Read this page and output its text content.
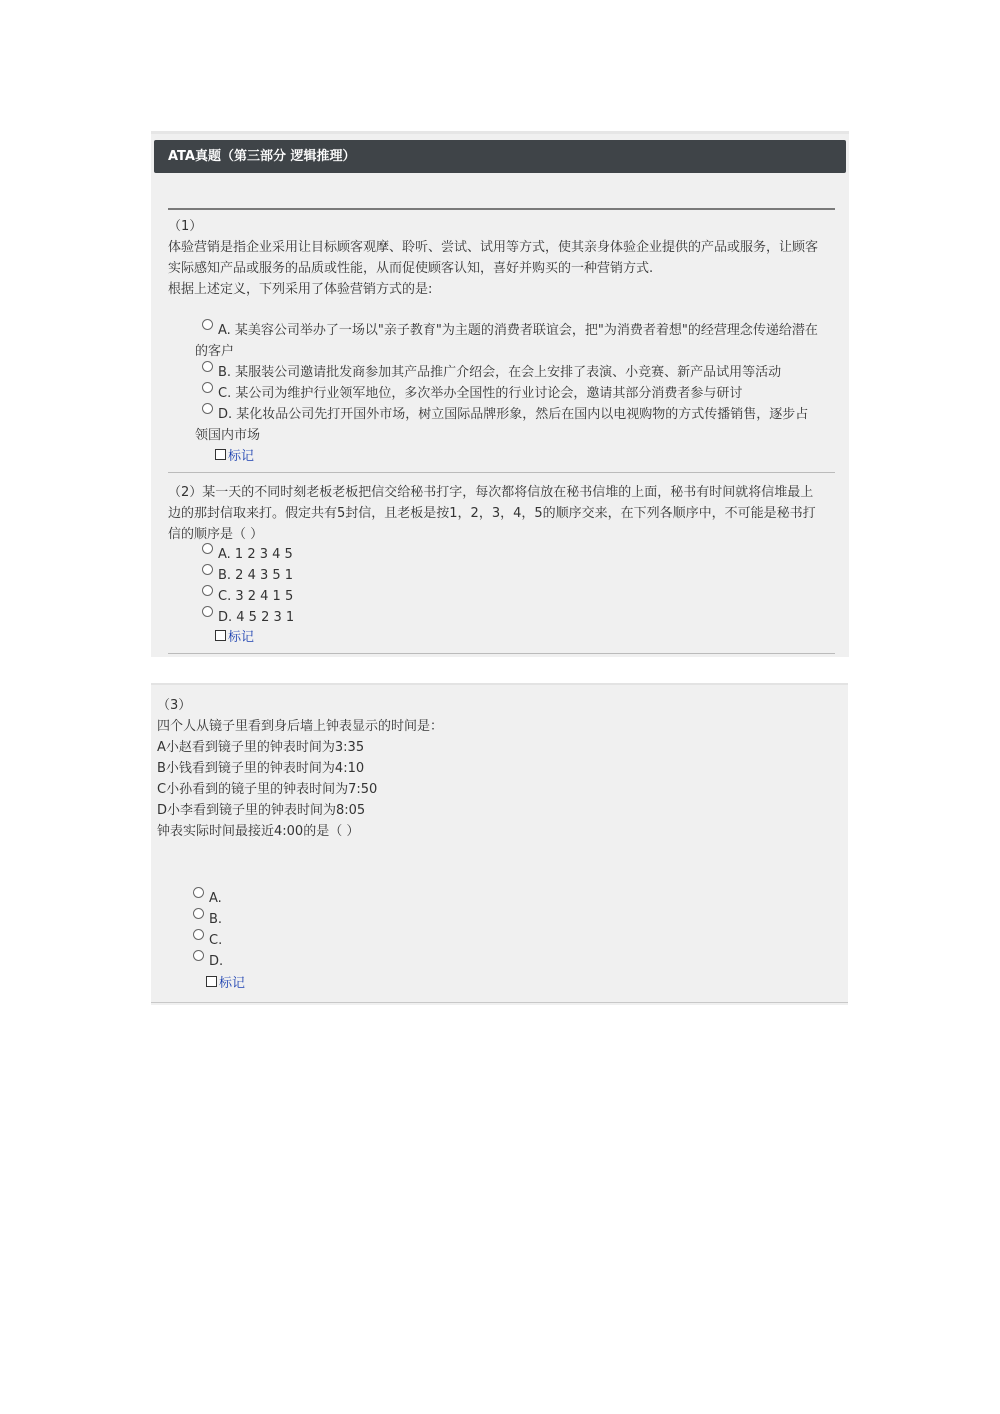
ATA真题（第三部分 逻辑推理）

（1）

体验营销是指企业采用让目标顾客观摩、聆听、尝试、试用等方式，使其亲身体验企业提供的产品或服务，让顾客

实际感知产品或服务的品质或性能，从而促使顾客认知，喜好并购买的一种营销方式.

根据上述定义，下列采用了体验营销方式的是:

A. 某美容公司举办了一场以"亲子教育"为主题的消费者联谊会，把"为消费者着想"的经营理念传递给潜在
的客户
B. 某服装公司邀请批发商参加其产品推广介绍会，在会上安排了表演、小竞赛、新产品试用等活动
C. 某公司为维护行业领军地位，多次举办全国性的行业讨论会，邀请其部分消费者参与研讨
D. 某化妆品公司先打开国外市场，树立国际品牌形象，然后在国内以电视购物的方式传播销售，逐步占
领国内市场
标记

（2）某一天的不同时刻老板老板把信交给秘书打字，每次都将信放在秘书信堆的上面，秘书有时间就将信堆最上

边的那封信取来打。假定共有5封信，且老板是按1，2，3，4，5的顺序交来，在下列各顺序中，不可能是秘书打

信的顺序是（ ）

A. 1 2 3 4 5
B. 2 4 3 5 1
C. 3 2 4 1 5
D. 4 5 2 3 1
标记

（3）

四个人从镜子里看到身后墙上钟表显示的时间是：

A小赵看到镜子里的钟表时间为3:35

B小钱看到镜子里的钟表时间为4:10

C小孙看到的镜子里的钟表时间为7:50

D小李看到镜子里的钟表时间为8:05

钟表实际时间最接近4:00的是（ ）

A.
B.
C.
D.
标记
